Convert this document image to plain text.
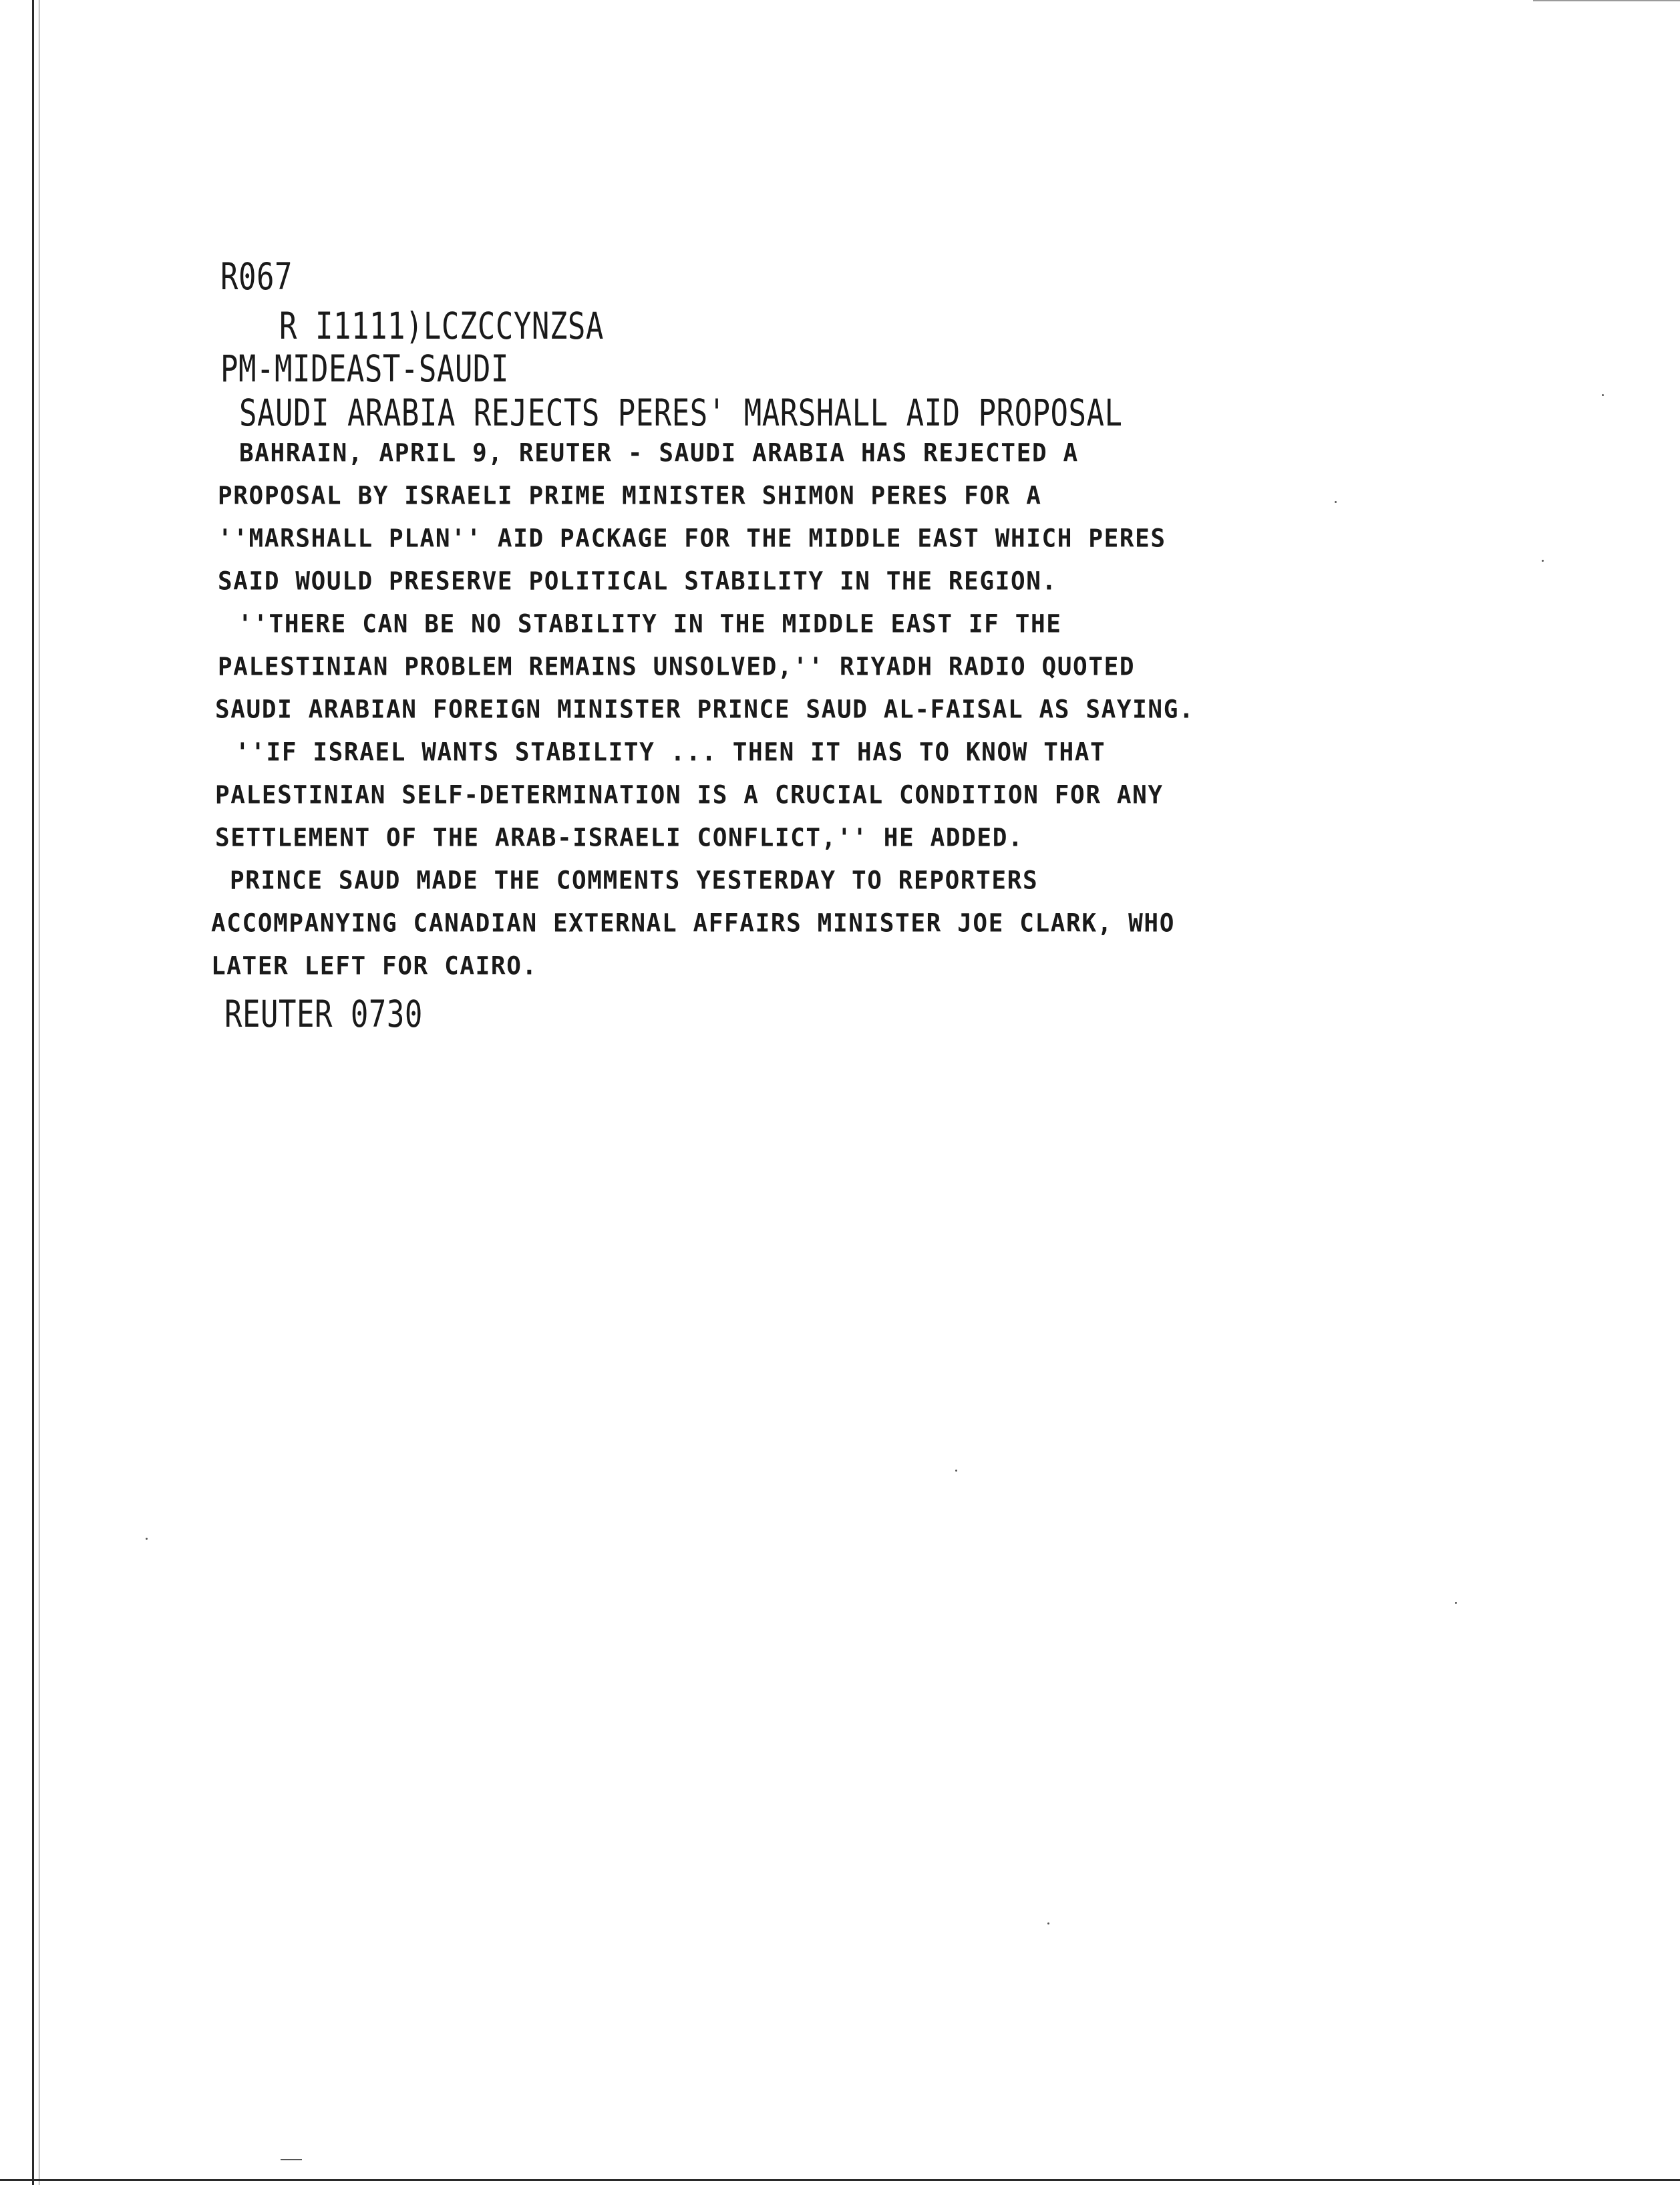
R067
R I1111)LCZCCYNZSA
PM-MIDEAST-SAUDI
SAUDI ARABIA REJECTS PERES' MARSHALL AID PROPOSAL
BAHRAIN, APRIL 9, REUTER - SAUDI ARABIA HAS REJECTED A
PROPOSAL BY ISRAELI PRIME MINISTER SHIMON PERES FOR A
''MARSHALL PLAN'' AID PACKAGE FOR THE MIDDLE EAST WHICH PERES
SAID WOULD PRESERVE POLITICAL STABILITY IN THE REGION.
''THERE CAN BE NO STABILITY IN THE MIDDLE EAST IF THE
PALESTINIAN PROBLEM REMAINS UNSOLVED,'' RIYADH RADIO QUOTED
SAUDI ARABIAN FOREIGN MINISTER PRINCE SAUD AL-FAISAL AS SAYING.
''IF ISRAEL WANTS STABILITY ... THEN IT HAS TO KNOW THAT
PALESTINIAN SELF-DETERMINATION IS A CRUCIAL CONDITION FOR ANY
SETTLEMENT OF THE ARAB-ISRAELI CONFLICT,'' HE ADDED.
PRINCE SAUD MADE THE COMMENTS YESTERDAY TO REPORTERS
ACCOMPANYING CANADIAN EXTERNAL AFFAIRS MINISTER JOE CLARK, WHO
LATER LEFT FOR CAIRO.
REUTER 0730
